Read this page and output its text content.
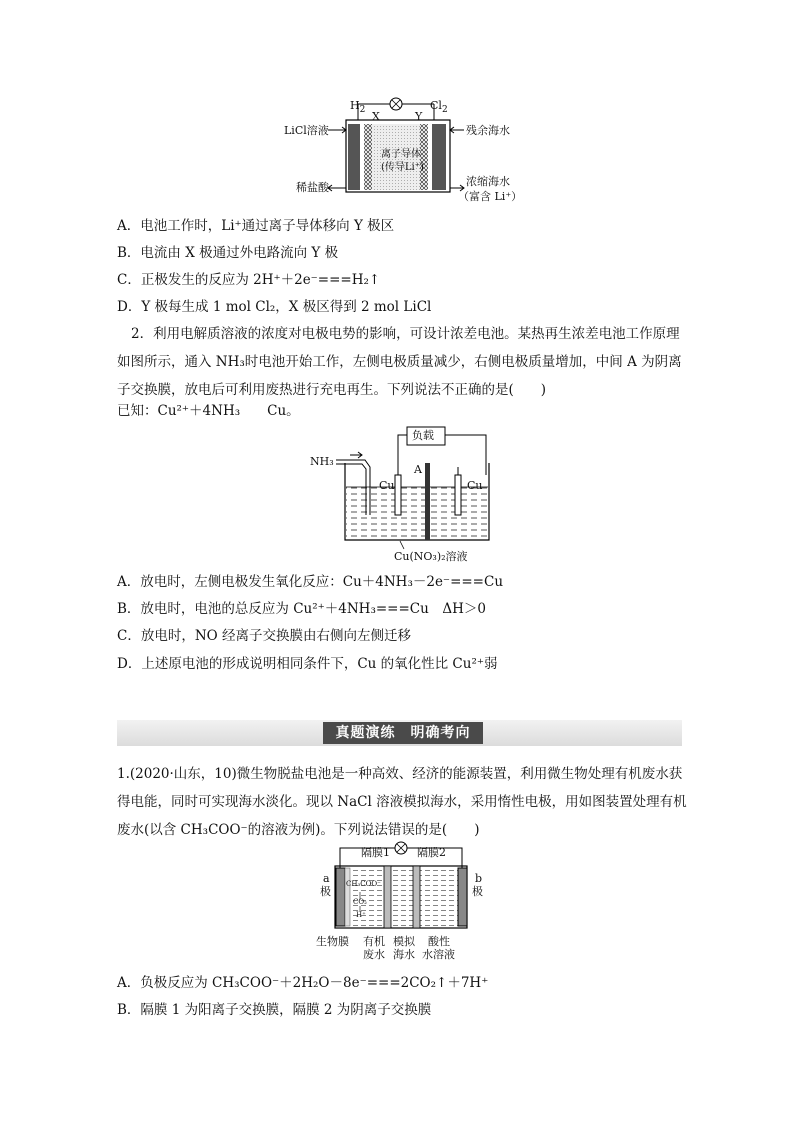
$H_2$	$Cl_2$
X	Y
LiCl溶液	残余海水
离子导体
(传导Li⁺)
稀盐酸	浓缩海水
（富含 Li⁺）
A．电池工作时，Li⁺通过离子导体移向 Y 极区
B．电流由 X 极通过外电路流向 Y 极
C．正极发生的反应为 2H⁺＋2e⁻===H₂↑
D．Y 极每生成 1 mol Cl₂，X 极区得到 2 mol LiCl
2．利用电解质溶液的浓度对电极电势的影响，可设计浓差电池。某热再生浓差电池工作原理如图所示，通入 NH₃时电池开始工作，左侧电极质量减少，右侧电极质量增加，中间 A 为阴离子交换膜，放电后可利用废热进行充电再生。下列说法不正确的是(　　)
已知：Cu²⁺＋4NH₃　　Cu。
负载
NH₃
A
Cu	Cu
Cu(NO₃)₂溶液
A．放电时，左侧电极发生氧化反应：Cu＋4NH₃－2e⁻===Cu
B．放电时，电池的总反应为 Cu²⁺＋4NH₃===Cu　ΔH＞0
C．放电时，NO 经离子交换膜由右侧向左侧迁移
D．上述原电池的形成说明相同条件下，Cu 的氧化性比 Cu²⁺弱
真题演练　明确考向
1.(2020·山东，10)微生物脱盐电池是一种高效、经济的能源装置，利用微生物处理有机废水获得电能，同时可实现海水淡化。现以 NaCl 溶液模拟海水，采用惰性电极，用如图装置处理有机废水(以含 CH₃COO⁻的溶液为例)。下列说法错误的是(　　)
隔膜1 隔膜2
a
极
b
极
CH₃COO⁻
CO₂
H⁺
生物膜 有机
废水
模拟
海水
酸性
水溶液
A．负极反应为 CH₃COO⁻＋2H₂O－8e⁻===2CO₂↑＋7H⁺
B．隔膜 1 为阳离子交换膜，隔膜 2 为阴离子交换膜
